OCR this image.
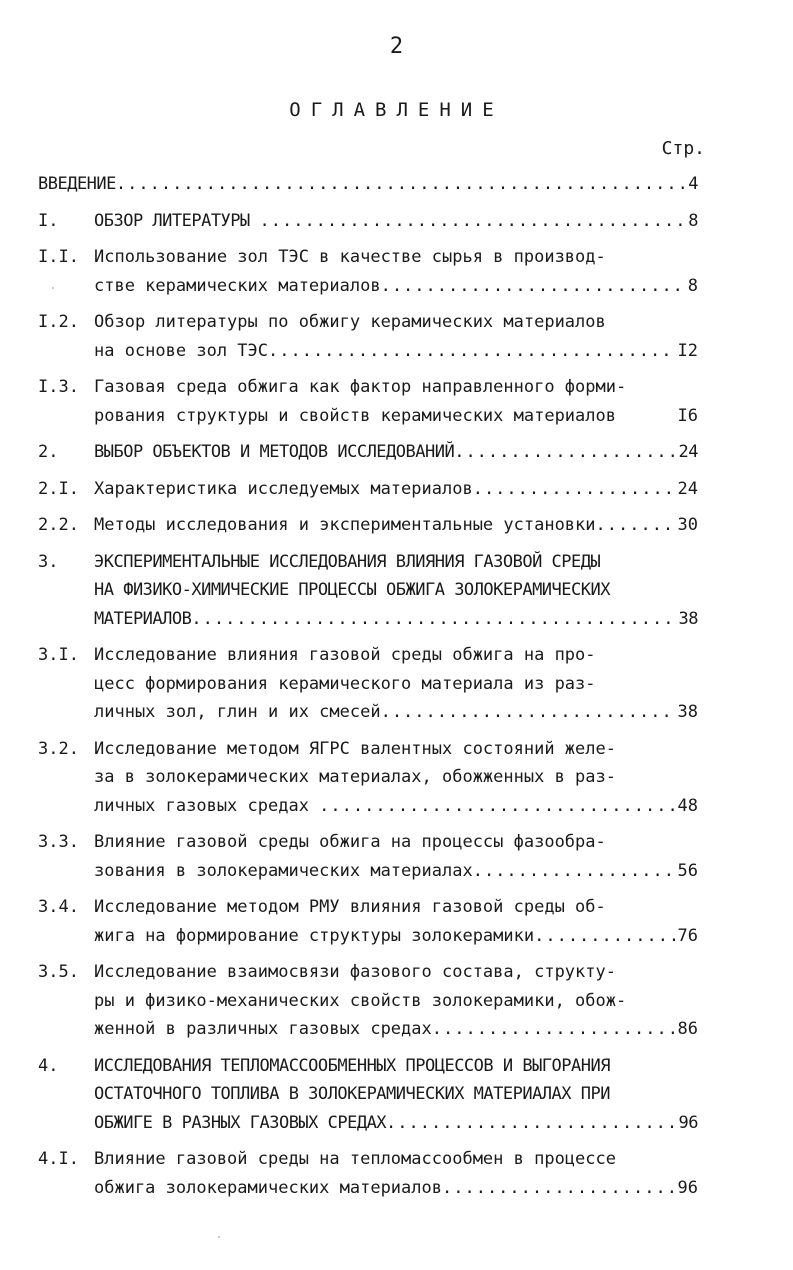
2
ОГЛАВЛЕНИЕ
Стр.
ВВЕДЕНИЕ .....	4
I.	ОБЗОР ЛИТЕРАТУРЫ .....	8
I.I. Использование зол ТЭС в качестве сырья в производ-
стве керамических материалов .....	8
I.2. Обзор литературы по обжигу керамических материалов
на основе зол ТЭС .....	I2
I.3. Газовая среда обжига как фактор направленного форми-
рования структуры и свойств керамических материалов	I6
2.	ВЫБОР ОБЪЕКТОВ И МЕТОДОВ ИССЛЕДОВАНИЙ .....	24
2.I. Характеристика исследуемых материалов .....	24
2.2. Методы исследования и экспериментальные установки .....	30
3.	ЭКСПЕРИМЕНТАЛЬНЫЕ ИССЛЕДОВАНИЯ ВЛИЯНИЯ ГАЗОВОЙ СРЕДЫ
НА ФИЗИКО-ХИМИЧЕСКИЕ ПРОЦЕССЫ ОБЖИГА ЗОЛОКЕРАМИЧЕСКИХ
МАТЕРИАЛОВ .....	38
3.I. Исследование влияния газовой среды обжига на про-
цесс формирования керамического материала из раз-
личных зол, глин и их смесей .....	38
3.2. Исследование методом ЯГРС валентных состояний желе-
за в золокерамических материалах, обожженных в раз-
личных газовых средах .....	48
3.3. Влияние газовой среды обжига на процессы фазообра-
зования в золокерамических материалах .....	56
3.4. Исследование методом РМУ влияния газовой среды об-
жига на формирование структуры золокерамики .....	76
3.5. Исследование взаимосвязи фазового состава, структу-
ры и физико-механических свойств золокерамики, обож-
женной в различных газовых средах .....	86
4.	ИССЛЕДОВАНИЯ ТЕПЛОМАССООБМЕННЫХ ПРОЦЕССОВ И ВЫГОРАНИЯ
ОСТАТОЧНОГО ТОПЛИВА В ЗОЛОКЕРАМИЧЕСКИХ МАТЕРИАЛАХ ПРИ
ОБЖИГЕ В РАЗНЫХ ГАЗОВЫХ СРЕДАХ .....	96
4.I. Влияние газовой среды на тепломассообмен в процессе
обжига золокерамических материалов .....	96
